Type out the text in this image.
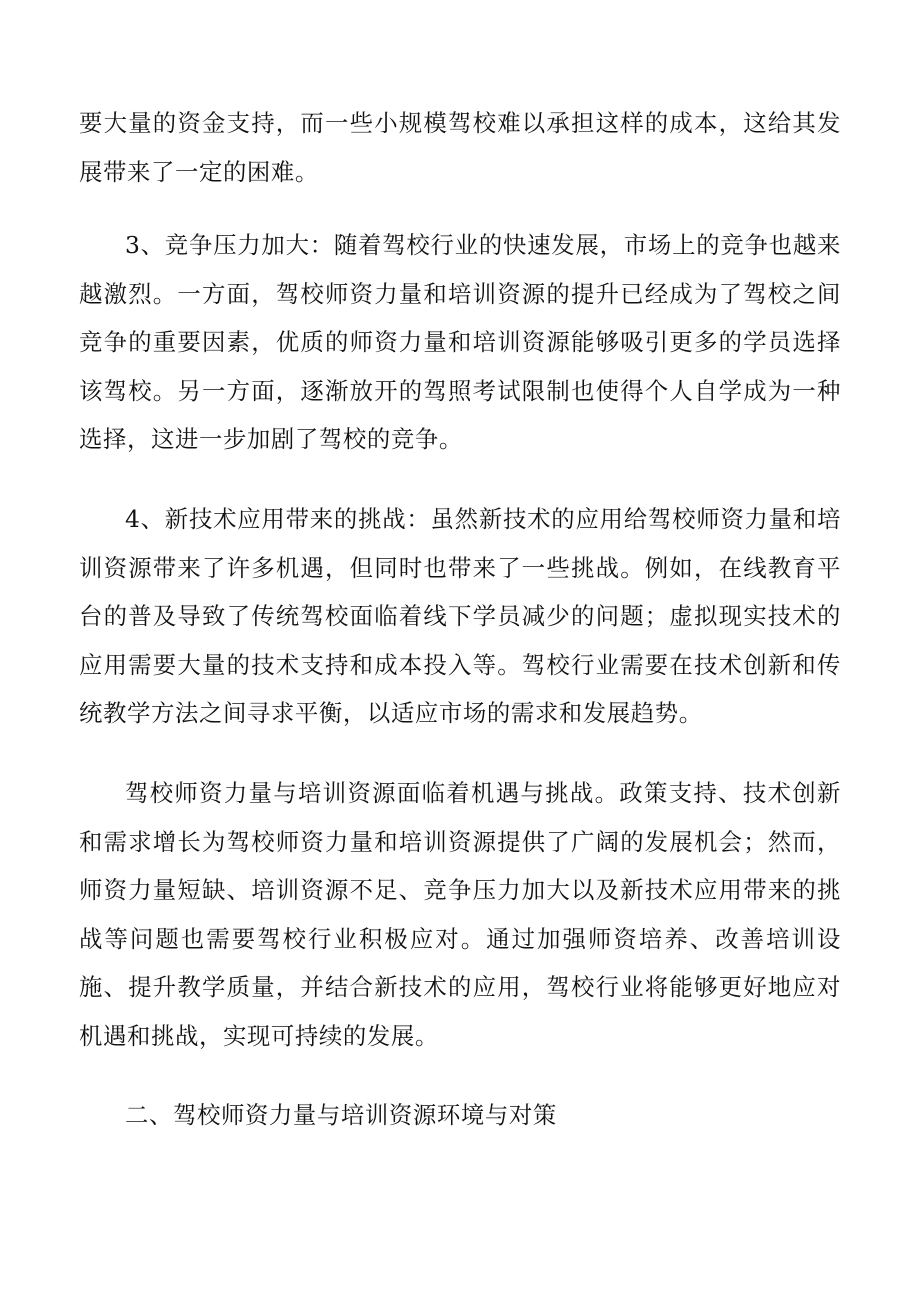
要大量的资金支持，而一些小规模驾校难以承担这样的成本，这给其发展带来了一定的困难。

3、竞争压力加大：随着驾校行业的快速发展，市场上的竞争也越来越激烈。一方面，驾校师资力量和培训资源的提升已经成为了驾校之间竞争的重要因素，优质的师资力量和培训资源能够吸引更多的学员选择该驾校。另一方面，逐渐放开的驾照考试限制也使得个人自学成为一种选择，这进一步加剧了驾校的竞争。

4、新技术应用带来的挑战：虽然新技术的应用给驾校师资力量和培训资源带来了许多机遇，但同时也带来了一些挑战。例如，在线教育平台的普及导致了传统驾校面临着线下学员减少的问题；虚拟现实技术的应用需要大量的技术支持和成本投入等。驾校行业需要在技术创新和传统教学方法之间寻求平衡，以适应市场的需求和发展趋势。

驾校师资力量与培训资源面临着机遇与挑战。政策支持、技术创新和需求增长为驾校师资力量和培训资源提供了广阔的发展机会；然而，师资力量短缺、培训资源不足、竞争压力加大以及新技术应用带来的挑战等问题也需要驾校行业积极应对。通过加强师资培养、改善培训设施、提升教学质量，并结合新技术的应用，驾校行业将能够更好地应对机遇和挑战，实现可持续的发展。

二、驾校师资力量与培训资源环境与对策
